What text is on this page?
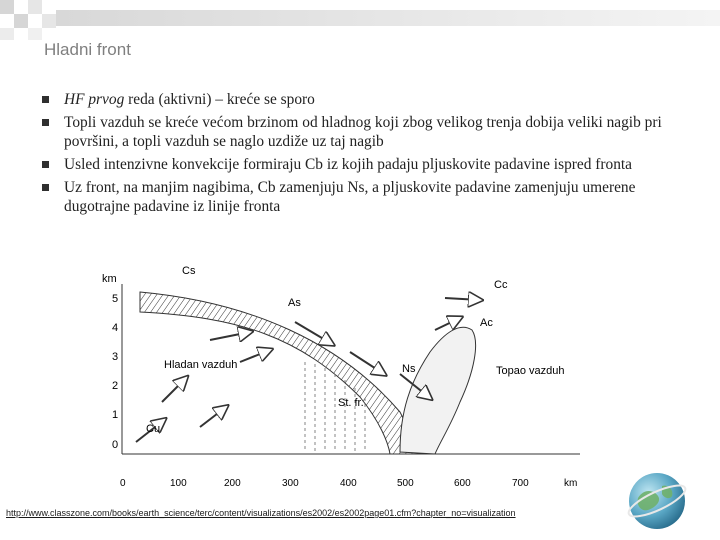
Hladni front
HF prvog reda (aktivni) – kreće se sporo
Topli vazduh se kreće većom brzinom od hladnog koji zbog velikog trenja dobija veliki nagib pri površini, a topli vazduh se naglo uzdiže uz taj nagib
Usled intenzivne konvekcije formiraju Cb iz kojih padaju pljuskovite padavine ispred fronta
Uz front, na manjim nagibima, Cb zamenjuju Ns, a pljuskovite padavine zamenjuju umerene dugotrajne padavine iz linije fronta
km
0
1
2
3
4
5
0	100	200	300	400	500	600	700	km
Cs
Cc
As
Ac
Ns
Hladan vazduh	Topao vazduh
St. fr.
Cu
http://www.classzone.com/books/earth_science/terc/content/visualizations/es2002/es2002page01.cfm?chapter_no=visualization
